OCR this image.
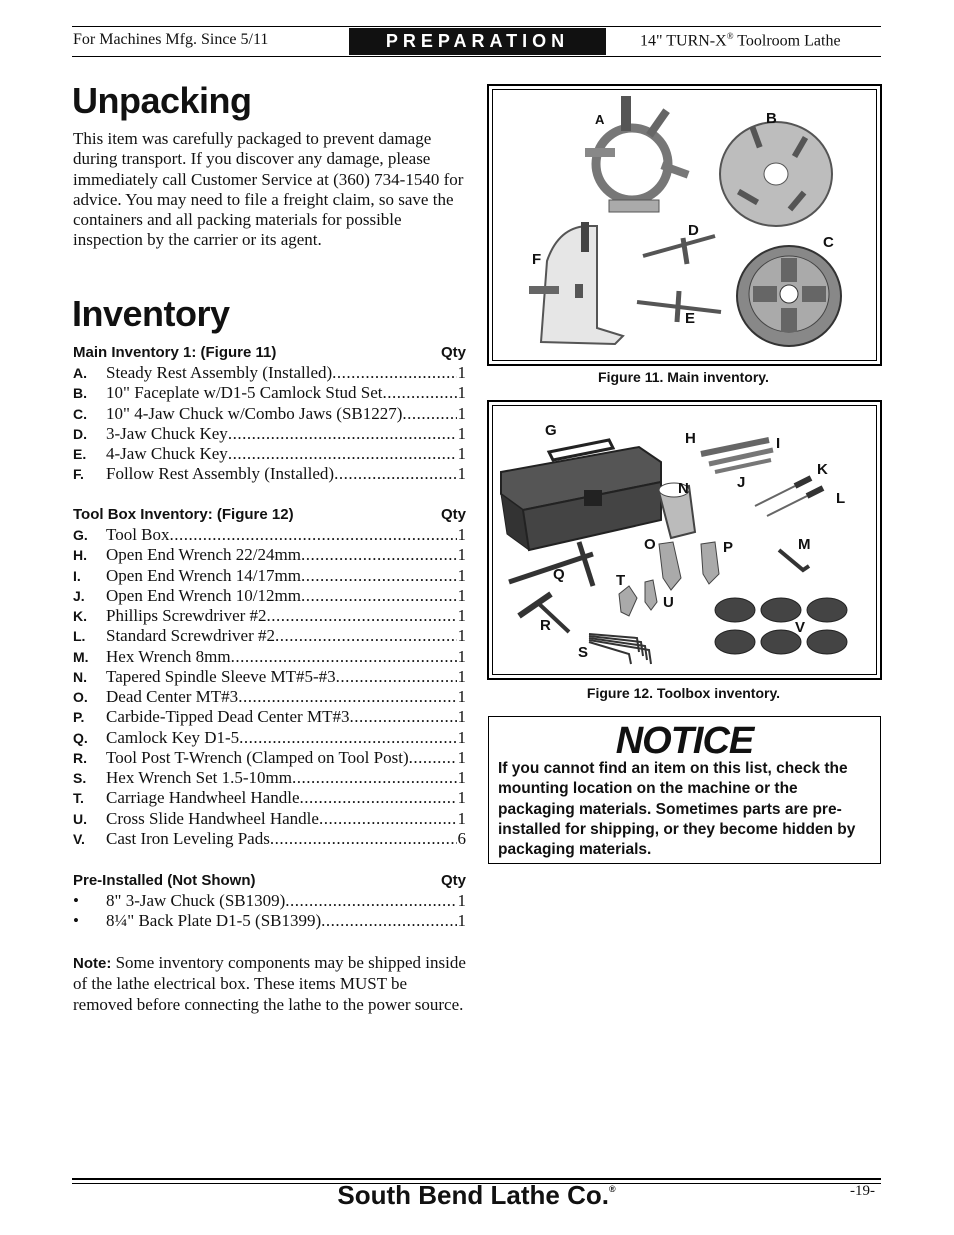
For Machines Mfg. Since 5/11	PREPARATION	14" TURN-X® Toolroom Lathe
Unpacking
This item was carefully packaged to prevent damage during transport. If you discover any damage, please immediately call Customer Service at (360) 734-1540 for advice. You may need to file a freight claim, so save the containers and all packing materials for possible inspection by the carrier or its agent.
Inventory
Main Inventory 1: (Figure 11)	Qty
A.	Steady Rest Assembly (Installed) .....	1
B.	10" Faceplate w/D1-5 Camlock Stud Set .....	1
C.	10" 4-Jaw Chuck w/Combo Jaws (SB1227) .....	1
D.	3-Jaw Chuck Key .....	1
E.	4-Jaw Chuck Key .....	1
F.	Follow Rest Assembly (Installed) .....	1
Tool Box Inventory: (Figure 12)	Qty
G.	Tool Box .....	1
H.	Open End Wrench 22/24mm .....	1
I.	Open End Wrench 14/17mm .....	1
J.	Open End Wrench 10/12mm .....	1
K.	Phillips Screwdriver #2 .....	1
L.	Standard Screwdriver #2 .....	1
M.	Hex Wrench 8mm .....	1
N.	Tapered Spindle Sleeve MT#5-#3 .....	1
O.	Dead Center MT#3 .....	1
P.	Carbide-Tipped Dead Center MT#3 .....	1
Q.	Camlock Key D1-5 .....	1
R.	Tool Post T-Wrench (Clamped on Tool Post) .....	1
S.	Hex Wrench Set 1.5-10mm .....	1
T.	Carriage Handwheel Handle .....	1
U.	Cross Slide Handwheel Handle .....	1
V.	Cast Iron Leveling Pads .....	6
Pre-Installed (Not Shown)	Qty
•	8" 3-Jaw Chuck (SB1309) .....	1
•	8¼" Back Plate D1-5 (SB1399) .....	1
Note: Some inventory components may be shipped inside of the lathe electrical box. These items MUST be removed before connecting the lathe to the power source.
A	B
C
D
E
F
Figure 11. Main inventory.
G	H	I
J
K
L
M
N
O	P
Q
R
S
T
U
V
Figure 12. Toolbox inventory.
NOTICE
If you cannot find an item on this list, check the mounting location on the machine or the packaging materials. Sometimes parts are pre-installed for shipping, or they become hidden by packaging materials.
South Bend Lathe Co.®	-19-
